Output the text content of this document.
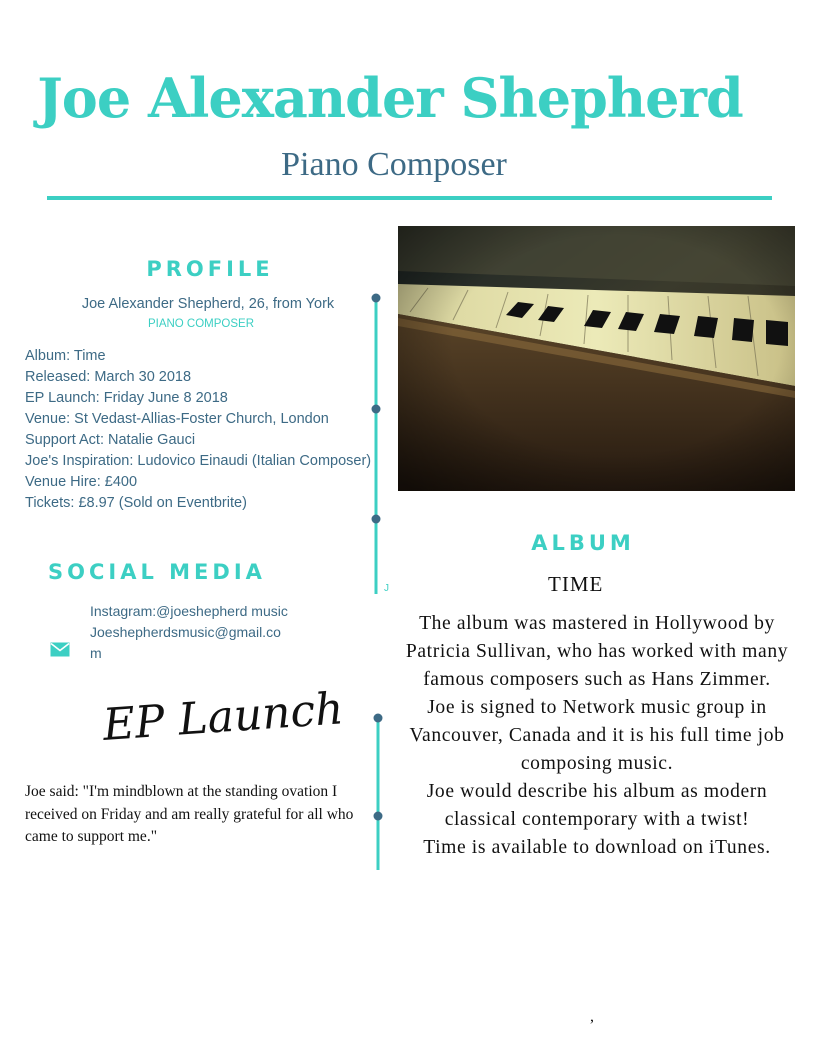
Joe Alexander Shepherd
Piano Composer
PROFILE
Joe Alexander Shepherd, 26, from York
PIANO COMPOSER
Album: Time
Released: March 30 2018
EP Launch: Friday June 8 2018
Venue: St Vedast-Allias-Foster Church, London
Support Act: Natalie Gauci
Joe's Inspiration: Ludovico Einaudi (Italian Composer)
Venue Hire: £400
Tickets: £8.97 (Sold on Eventbrite)
SOCIAL MEDIA
Instagram:@joeshepherd music
Joeshepherdsmusic@gmail.com
EP Launch
Joe said: "I'm mindblown at the standing ovation I received on Friday and am really grateful for all who came to support me."
J
ALBUM
TIME
The album was mastered in Hollywood by Patricia Sullivan, who has worked with many famous composers such as Hans Zimmer.
Joe is signed to Network music group in Vancouver, Canada and it is his full time job composing music.
Joe would describe his album as modern classical contemporary with a twist!
Time is available to download on iTunes.
,
